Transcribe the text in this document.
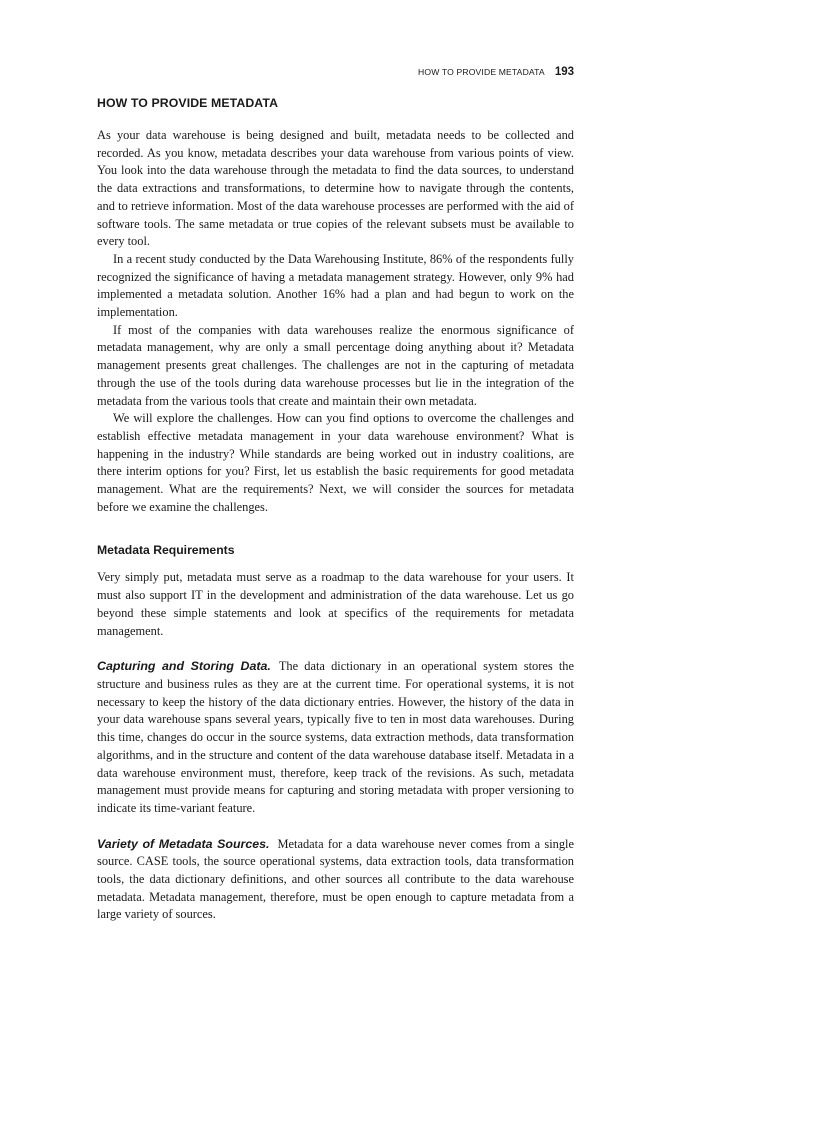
HOW TO PROVIDE METADATA 193
HOW TO PROVIDE METADATA

As your data warehouse is being designed and built, metadata needs to be collected and recorded. As you know, metadata describes your data warehouse from various points of view. You look into the data warehouse through the metadata to find the data sources, to understand the data extractions and transformations, to determine how to navigate through the contents, and to retrieve information. Most of the data warehouse processes are performed with the aid of software tools. The same metadata or true copies of the relevant subsets must be available to every tool.

In a recent study conducted by the Data Warehousing Institute, 86% of the respondents fully recognized the significance of having a metadata management strategy. However, only 9% had implemented a metadata solution. Another 16% had a plan and had begun to work on the implementation.

If most of the companies with data warehouses realize the enormous significance of metadata management, why are only a small percentage doing anything about it? Metadata management presents great challenges. The challenges are not in the capturing of metadata through the use of the tools during data warehouse processes but lie in the integration of the metadata from the various tools that create and maintain their own metadata.

We will explore the challenges. How can you find options to overcome the challenges and establish effective metadata management in your data warehouse environment? What is happening in the industry? While standards are being worked out in industry coalitions, are there interim options for you? First, let us establish the basic requirements for good metadata management. What are the requirements? Next, we will consider the sources for metadata before we examine the challenges.

Metadata Requirements

Very simply put, metadata must serve as a roadmap to the data warehouse for your users. It must also support IT in the development and administration of the data warehouse. Let us go beyond these simple statements and look at specifics of the requirements for metadata management.

Capturing and Storing Data. The data dictionary in an operational system stores the structure and business rules as they are at the current time. For operational systems, it is not necessary to keep the history of the data dictionary entries. However, the history of the data in your data warehouse spans several years, typically five to ten in most data warehouses. During this time, changes do occur in the source systems, data extraction methods, data transformation algorithms, and in the structure and content of the data warehouse database itself. Metadata in a data warehouse environment must, therefore, keep track of the revisions. As such, metadata management must provide means for capturing and storing metadata with proper versioning to indicate its time-variant feature.

Variety of Metadata Sources. Metadata for a data warehouse never comes from a single source. CASE tools, the source operational systems, data extraction tools, data transformation tools, the data dictionary definitions, and other sources all contribute to the data warehouse metadata. Metadata management, therefore, must be open enough to capture metadata from a large variety of sources.
